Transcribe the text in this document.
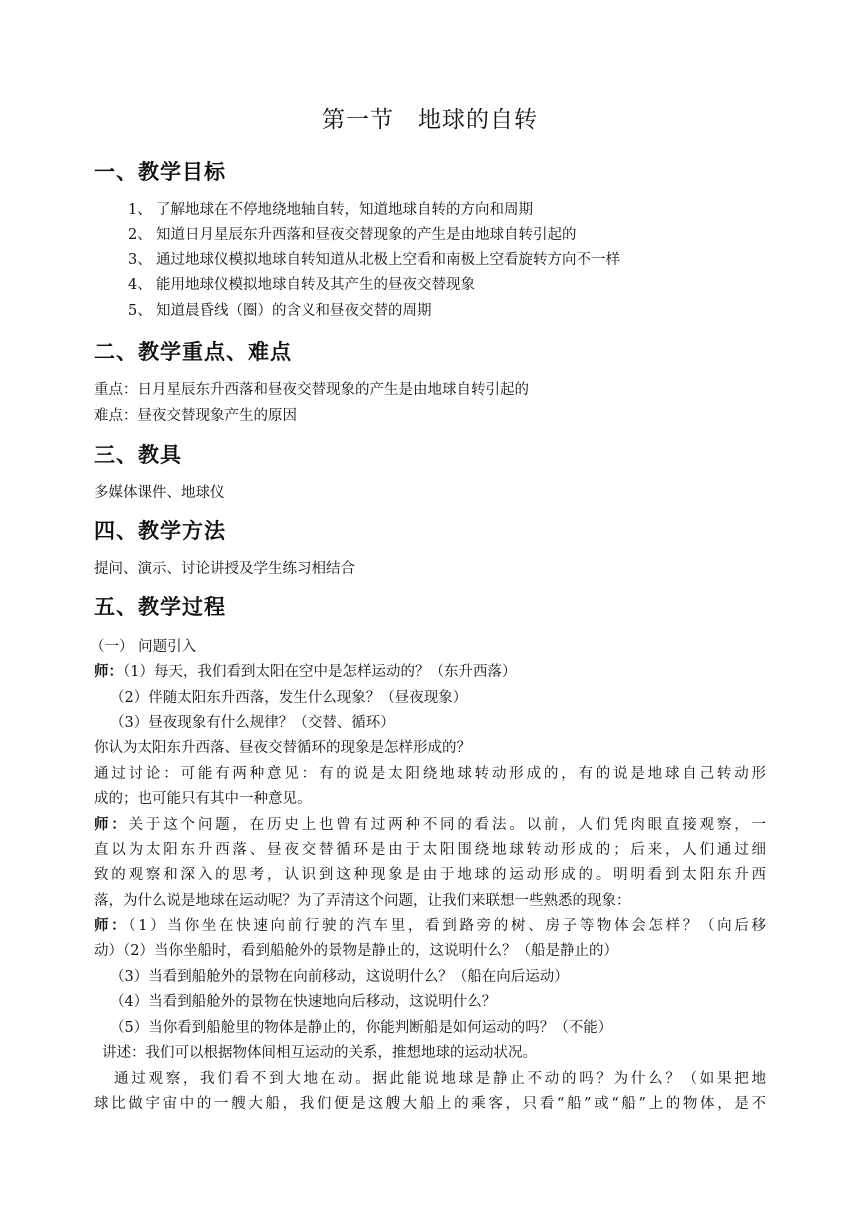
第一节　地球的自转
一、教学目标
1、 了解地球在不停地绕地轴自转，知道地球自转的方向和周期
2、 知道日月星辰东升西落和昼夜交替现象的产生是由地球自转引起的
3、 通过地球仪模拟地球自转知道从北极上空看和南极上空看旋转方向不一样
4、 能用地球仪模拟地球自转及其产生的昼夜交替现象
5、 知道晨昏线（圈）的含义和昼夜交替的周期
二、教学重点、难点
重点：日月星辰东升西落和昼夜交替现象的产生是由地球自转引起的
难点：昼夜交替现象产生的原因
三、教具
多媒体课件、地球仪
四、教学方法
提问、演示、讨论讲授及学生练习相结合
五、教学过程
（一） 问题引入
师：（1）每天，我们看到太阳在空中是怎样运动的？（东升西落）
（2）伴随太阳东升西落，发生什么现象？（昼夜现象）
（3）昼夜现象有什么规律？（交替、循环）
你认为太阳东升西落、昼夜交替循环的现象是怎样形成的？
通过讨论：可能有两种意见：有的说是太阳绕地球转动形成的，有的说是地球自己转动形
成的；也可能只有其中一种意见。
师：关于这个问题，在历史上也曾有过两种不同的看法。以前，人们凭肉眼直接观察，一
直以为太阳东升西落、昼夜交替循环是由于太阳围绕地球转动形成的；后来，人们通过细
致的观察和深入的思考，认识到这种现象是由于地球的运动形成的。明明看到太阳东升西
落，为什么说是地球在运动呢？为了弄清这个问题，让我们来联想一些熟悉的现象：
师：（1）当你坐在快速向前行驶的汽车里，看到路旁的树、房子等物体会怎样？（向后移
动）（2）当你坐船时，看到船舱外的景物是静止的，这说明什么？（船是静止的）
（3）当看到船舱外的景物在向前移动，这说明什么？（船在向后运动）
（4）当看到船舱外的景物在快速地向后移动，这说明什么？
（5）当你看到船舱里的物体是静止的，你能判断船是如何运动的吗？（不能）
讲述：我们可以根据物体间相互运动的关系，推想地球的运动状况。
通过观察，我们看不到大地在动。据此能说地球是静止不动的吗？为什么？（如果把地
球比做宇宙中的一艘大船，我们便是这艘大船上的乘客，只看“船”或“船”上的物体，是不
